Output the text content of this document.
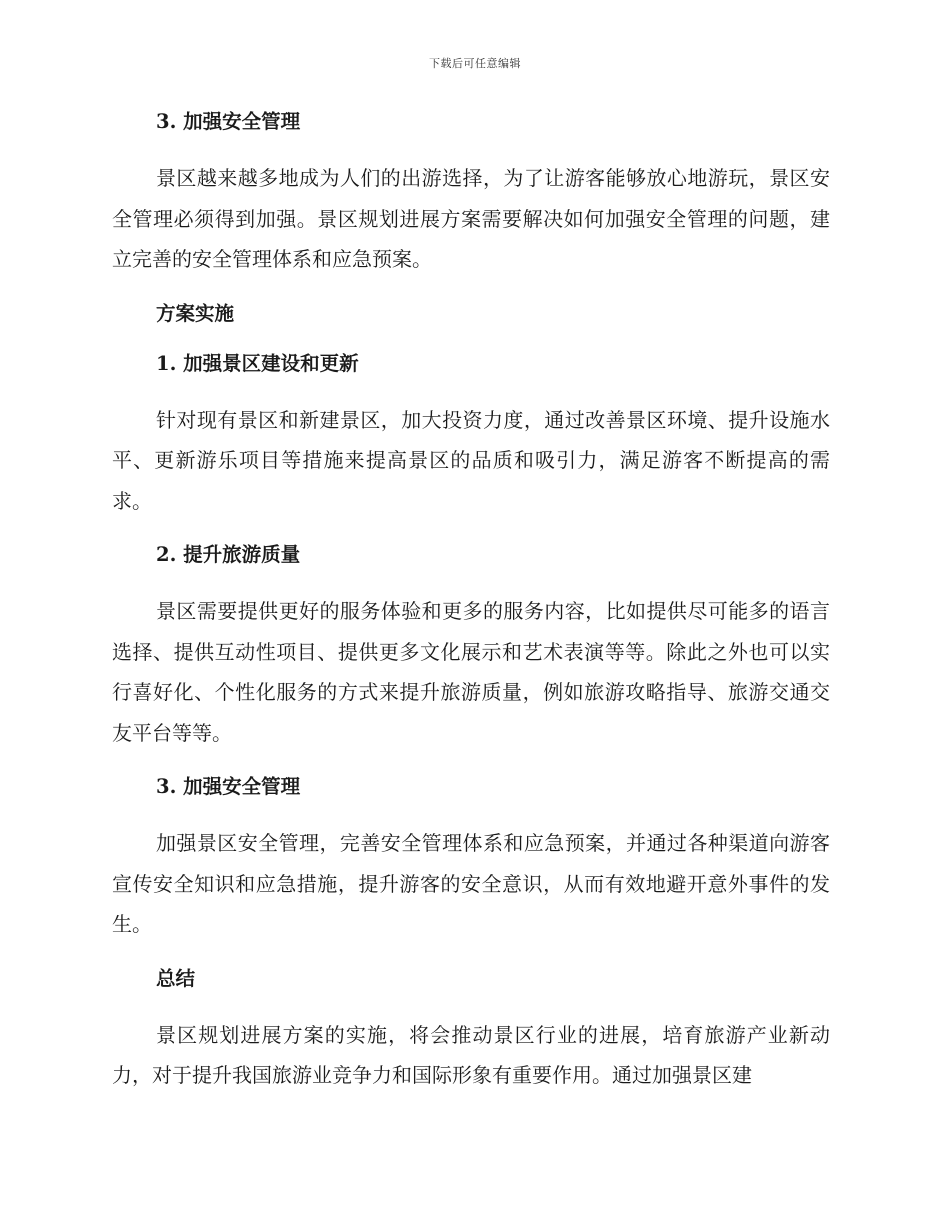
下载后可任意编辑
3. 加强安全管理

景区越来越多地成为人们的出游选择，为了让游客能够放心地游玩，景区安全管理必须得到加强。景区规划进展方案需要解决如何加强安全管理的问题，建立完善的安全管理体系和应急预案。

方案实施
1. 加强景区建设和更新

针对现有景区和新建景区，加大投资力度，通过改善景区环境、提升设施水平、更新游乐项目等措施来提高景区的品质和吸引力，满足游客不断提高的需求。

2. 提升旅游质量

景区需要提供更好的服务体验和更多的服务内容，比如提供尽可能多的语言选择、提供互动性项目、提供更多文化展示和艺术表演等等。除此之外也可以实行喜好化、个性化服务的方式来提升旅游质量，例如旅游攻略指导、旅游交通交友平台等等。

3. 加强安全管理

加强景区安全管理，完善安全管理体系和应急预案，并通过各种渠道向游客宣传安全知识和应急措施，提升游客的安全意识，从而有效地避开意外事件的发生。

总结

景区规划进展方案的实施，将会推动景区行业的进展，培育旅游产业新动力，对于提升我国旅游业竞争力和国际形象有重要作用。通过加强景区建
